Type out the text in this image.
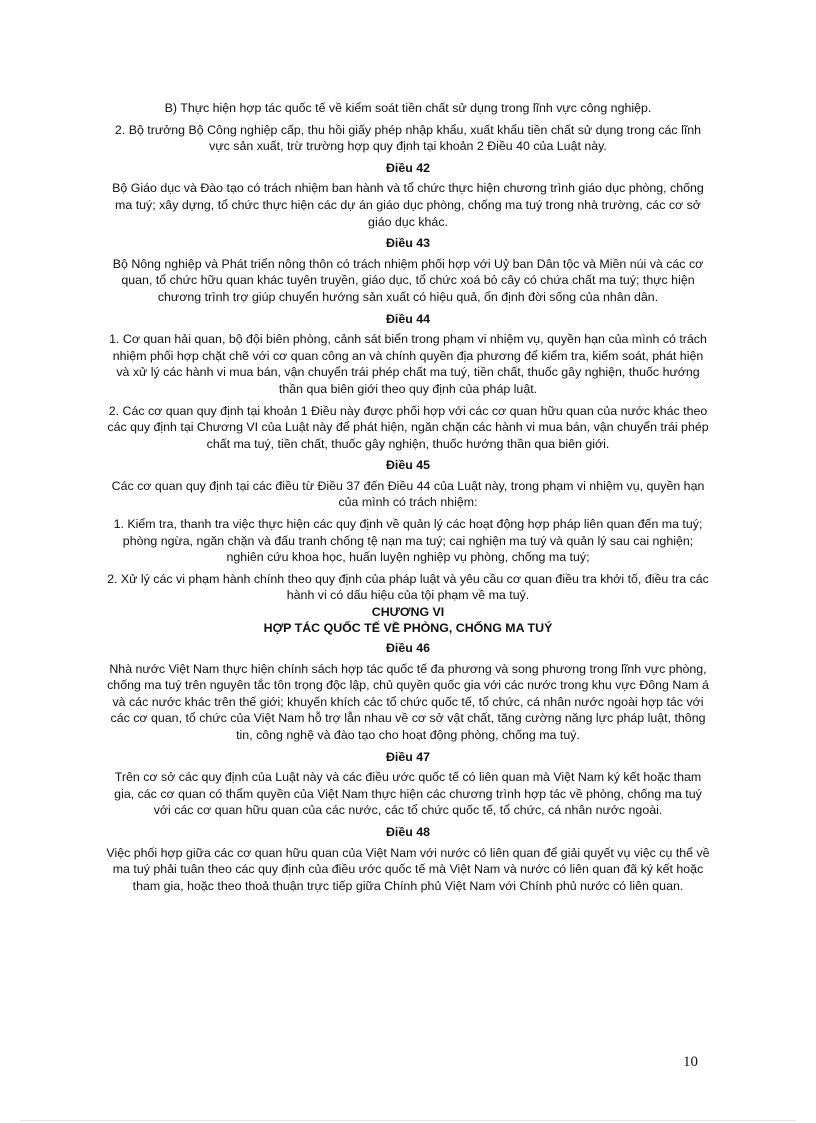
B) Thực hiện hợp tác quốc tế về kiểm soát tiền chất sử dụng trong lĩnh vực công nghiệp.

2. Bộ trưởng Bộ Công nghiệp cấp, thu hồi giấy phép nhập khẩu, xuất khẩu tiền chất sử dụng trong các lĩnh vực sản xuất, trừ trường hợp quy định tại khoản 2 Điều 40 của Luật này.

Điều 42

Bộ Giáo dục và Đào tạo có trách nhiệm ban hành và tổ chức thực hiện chương trình giáo dục phòng, chống ma tuý; xây dựng, tổ chức thực hiện các dự án giáo dục phòng, chống ma tuý trong nhà trường, các cơ sở giáo dục khác.

Điều 43

Bộ Nông nghiệp và Phát triển nông thôn có trách nhiệm phối hợp với Uỷ ban Dân tộc và Miền núi và các cơ quan, tổ chức hữu quan khác tuyên truyền, giáo dục, tổ chức xoá bỏ cây có chứa chất ma tuý; thực hiện chương trình trợ giúp chuyển hướng sản xuất có hiệu quả, ổn định đời sống của nhân dân.

Điều 44

1. Cơ quan hải quan, bộ đội biên phòng, cảnh sát biển trong phạm vi nhiệm vụ, quyền hạn của mình có trách nhiệm phối hợp chặt chẽ với cơ quan công an và chính quyền địa phương để kiểm tra, kiểm soát, phát hiện và xử lý các hành vi mua bán, vận chuyển trái phép chất ma tuý, tiền chất, thuốc gây nghiện, thuốc hướng thần qua biên giới theo quy định của pháp luật.

2. Các cơ quan quy định tại khoản 1 Điều này được phối hợp với các cơ quan hữu quan của nước khác theo các quy định tại Chương VI của Luật này để phát hiện, ngăn chặn các hành vi mua bán, vận chuyển trái phép chất ma tuý, tiền chất, thuốc gây nghiện, thuốc hướng thần qua biên giới.

Điều 45

Các cơ quan quy định tại các điều từ Điều 37 đến Điều 44 của Luật này, trong phạm vi nhiệm vụ, quyền hạn của mình có trách nhiệm:

1. Kiểm tra, thanh tra việc thực hiện các quy định về quản lý các hoạt động hợp pháp liên quan đến ma tuý; phòng ngừa, ngăn chặn và đấu tranh chống tệ nạn ma tuý; cai nghiện ma tuý và quản lý sau cai nghiện; nghiên cứu khoa học, huấn luyện nghiệp vụ phòng, chống ma tuý;

2. Xử lý các vi phạm hành chính theo quy định của pháp luật và yêu cầu cơ quan điều tra khởi tố, điều tra các hành vi có dấu hiệu của tội phạm về ma tuý.

CHƯƠNG VI

HỢP TÁC QUỐC TẾ VỀ PHÒNG, CHỐNG MA TUÝ

Điều 46

Nhà nước Việt Nam thực hiện chính sách hợp tác quốc tế đa phương và song phương trong lĩnh vực phòng, chống ma tuý trên nguyên tắc tôn trọng độc lập, chủ quyền quốc gia với các nước trong khu vực Đông Nam á và các nước khác trên thế giới; khuyến khích các tổ chức quốc tế, tổ chức, cá nhân nước ngoài hợp tác với các cơ quan, tổ chức của Việt Nam hỗ trợ lẫn nhau về cơ sở vật chất, tăng cường năng lực pháp luật, thông tin, công nghệ và đào tạo cho hoạt động phòng, chống ma tuý.

Điều 47

Trên cơ sở các quy định của Luật này và các điều ước quốc tế có liên quan mà Việt Nam ký kết hoặc tham gia, các cơ quan có thẩm quyền của Việt Nam thực hiện các chương trình hợp tác về phòng, chống ma tuý với các cơ quan hữu quan của các nước, các tổ chức quốc tế, tổ chức, cá nhân nước ngoài.

Điều 48

Việc phối hợp giữa các cơ quan hữu quan của Việt Nam với nước có liên quan để giải quyết vụ việc cụ thể về ma tuý phải tuân theo các quy định của điều ước quốc tế mà Việt Nam và nước có liên quan đã ký kết hoặc tham gia, hoặc theo thoả thuận trực tiếp giữa Chính phủ Việt Nam với Chính phủ nước có liên quan.

10
